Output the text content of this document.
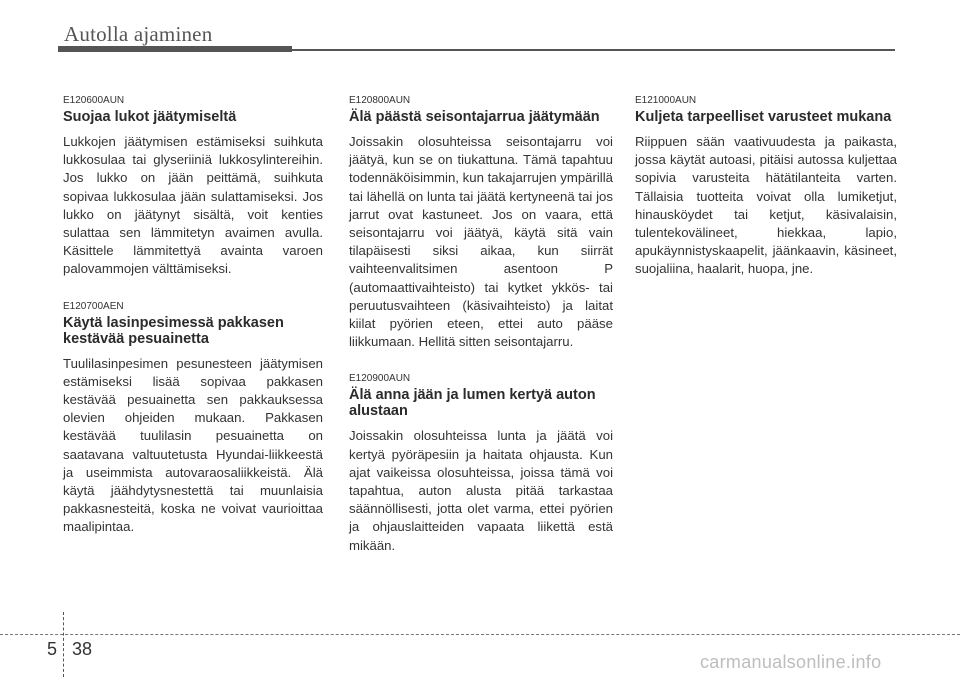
Autolla ajaminen
E120600AUN
Suojaa lukot jäätymiseltä

Lukkojen jäätymisen estämiseksi suihkuta lukkosulaa tai glyseriiniä lukkosylintereihin. Jos lukko on jään peittämä, suihkuta sopivaa lukkosulaa jään sulattamiseksi. Jos lukko on jäätynyt sisältä, voit kenties sulattaa sen lämmitetyn avaimen avulla. Käsittele lämmitettyä avainta varoen palovammojen välttämiseksi.

E120700AEN
Käytä lasinpesimessä pakkasen kestävää pesuainetta

Tuulilasinpesimen pesunesteen jäätymisen estämiseksi lisää sopivaa pakkasen kestävää pesuainetta sen pakkauksessa olevien ohjeiden mukaan. Pakkasen kestävää tuulilasin pesuainetta on saatavana valtuutetusta Hyundai-liikkeestä ja useimmista autovaraosaliikkeistä. Älä käytä jäähdytysnestettä tai muunlaisia pakkasnesteitä, koska ne voivat vaurioittaa maalipintaa.

E120800AUN
Älä päästä seisontajarrua jäätymään

Joissakin olosuhteissa seisontajarru voi jäätyä, kun se on tiukattuna. Tämä tapahtuu todennäköisimmin, kun takajarrujen ympärillä tai lähellä on lunta tai jäätä kertyneenä tai jos jarrut ovat kastuneet. Jos on vaara, että seisontajarru voi jäätyä, käytä sitä vain tilapäisesti siksi aikaa, kun siirrät vaihteenvalitsimen asentoon P (automaattivaihteisto) tai kytket ykkös- tai peruutusvaihteen (käsivaihteisto) ja laitat kiilat pyörien eteen, ettei auto pääse liikkumaan. Hellitä sitten seisontajarru.

E120900AUN
Älä anna jään ja lumen kertyä auton alustaan

Joissakin olosuhteissa lunta ja jäätä voi kertyä pyöräpesiin ja haitata ohjausta. Kun ajat vaikeissa olosuhteissa, joissa tämä voi tapahtua, auton alusta pitää tarkastaa säännöllisesti, jotta olet varma, ettei pyörien ja ohjauslaitteiden vapaata liikettä estä mikään.

E121000AUN
Kuljeta tarpeelliset varusteet mukana

Riippuen sään vaativuudesta ja paikasta, jossa käytät autoasi, pitäisi autossa kuljettaa sopivia varusteita hätätilanteita varten. Tällaisia tuotteita voivat olla lumiketjut, hinausköydet tai ketjut, käsivalaisin, tulentekovälineet, hiekkaa, lapio, apukäynnistyskaapelit, jäänkaavin, käsineet, suojaliina, haalarit, huopa, jne.

5 38
carmanualsonline.info
